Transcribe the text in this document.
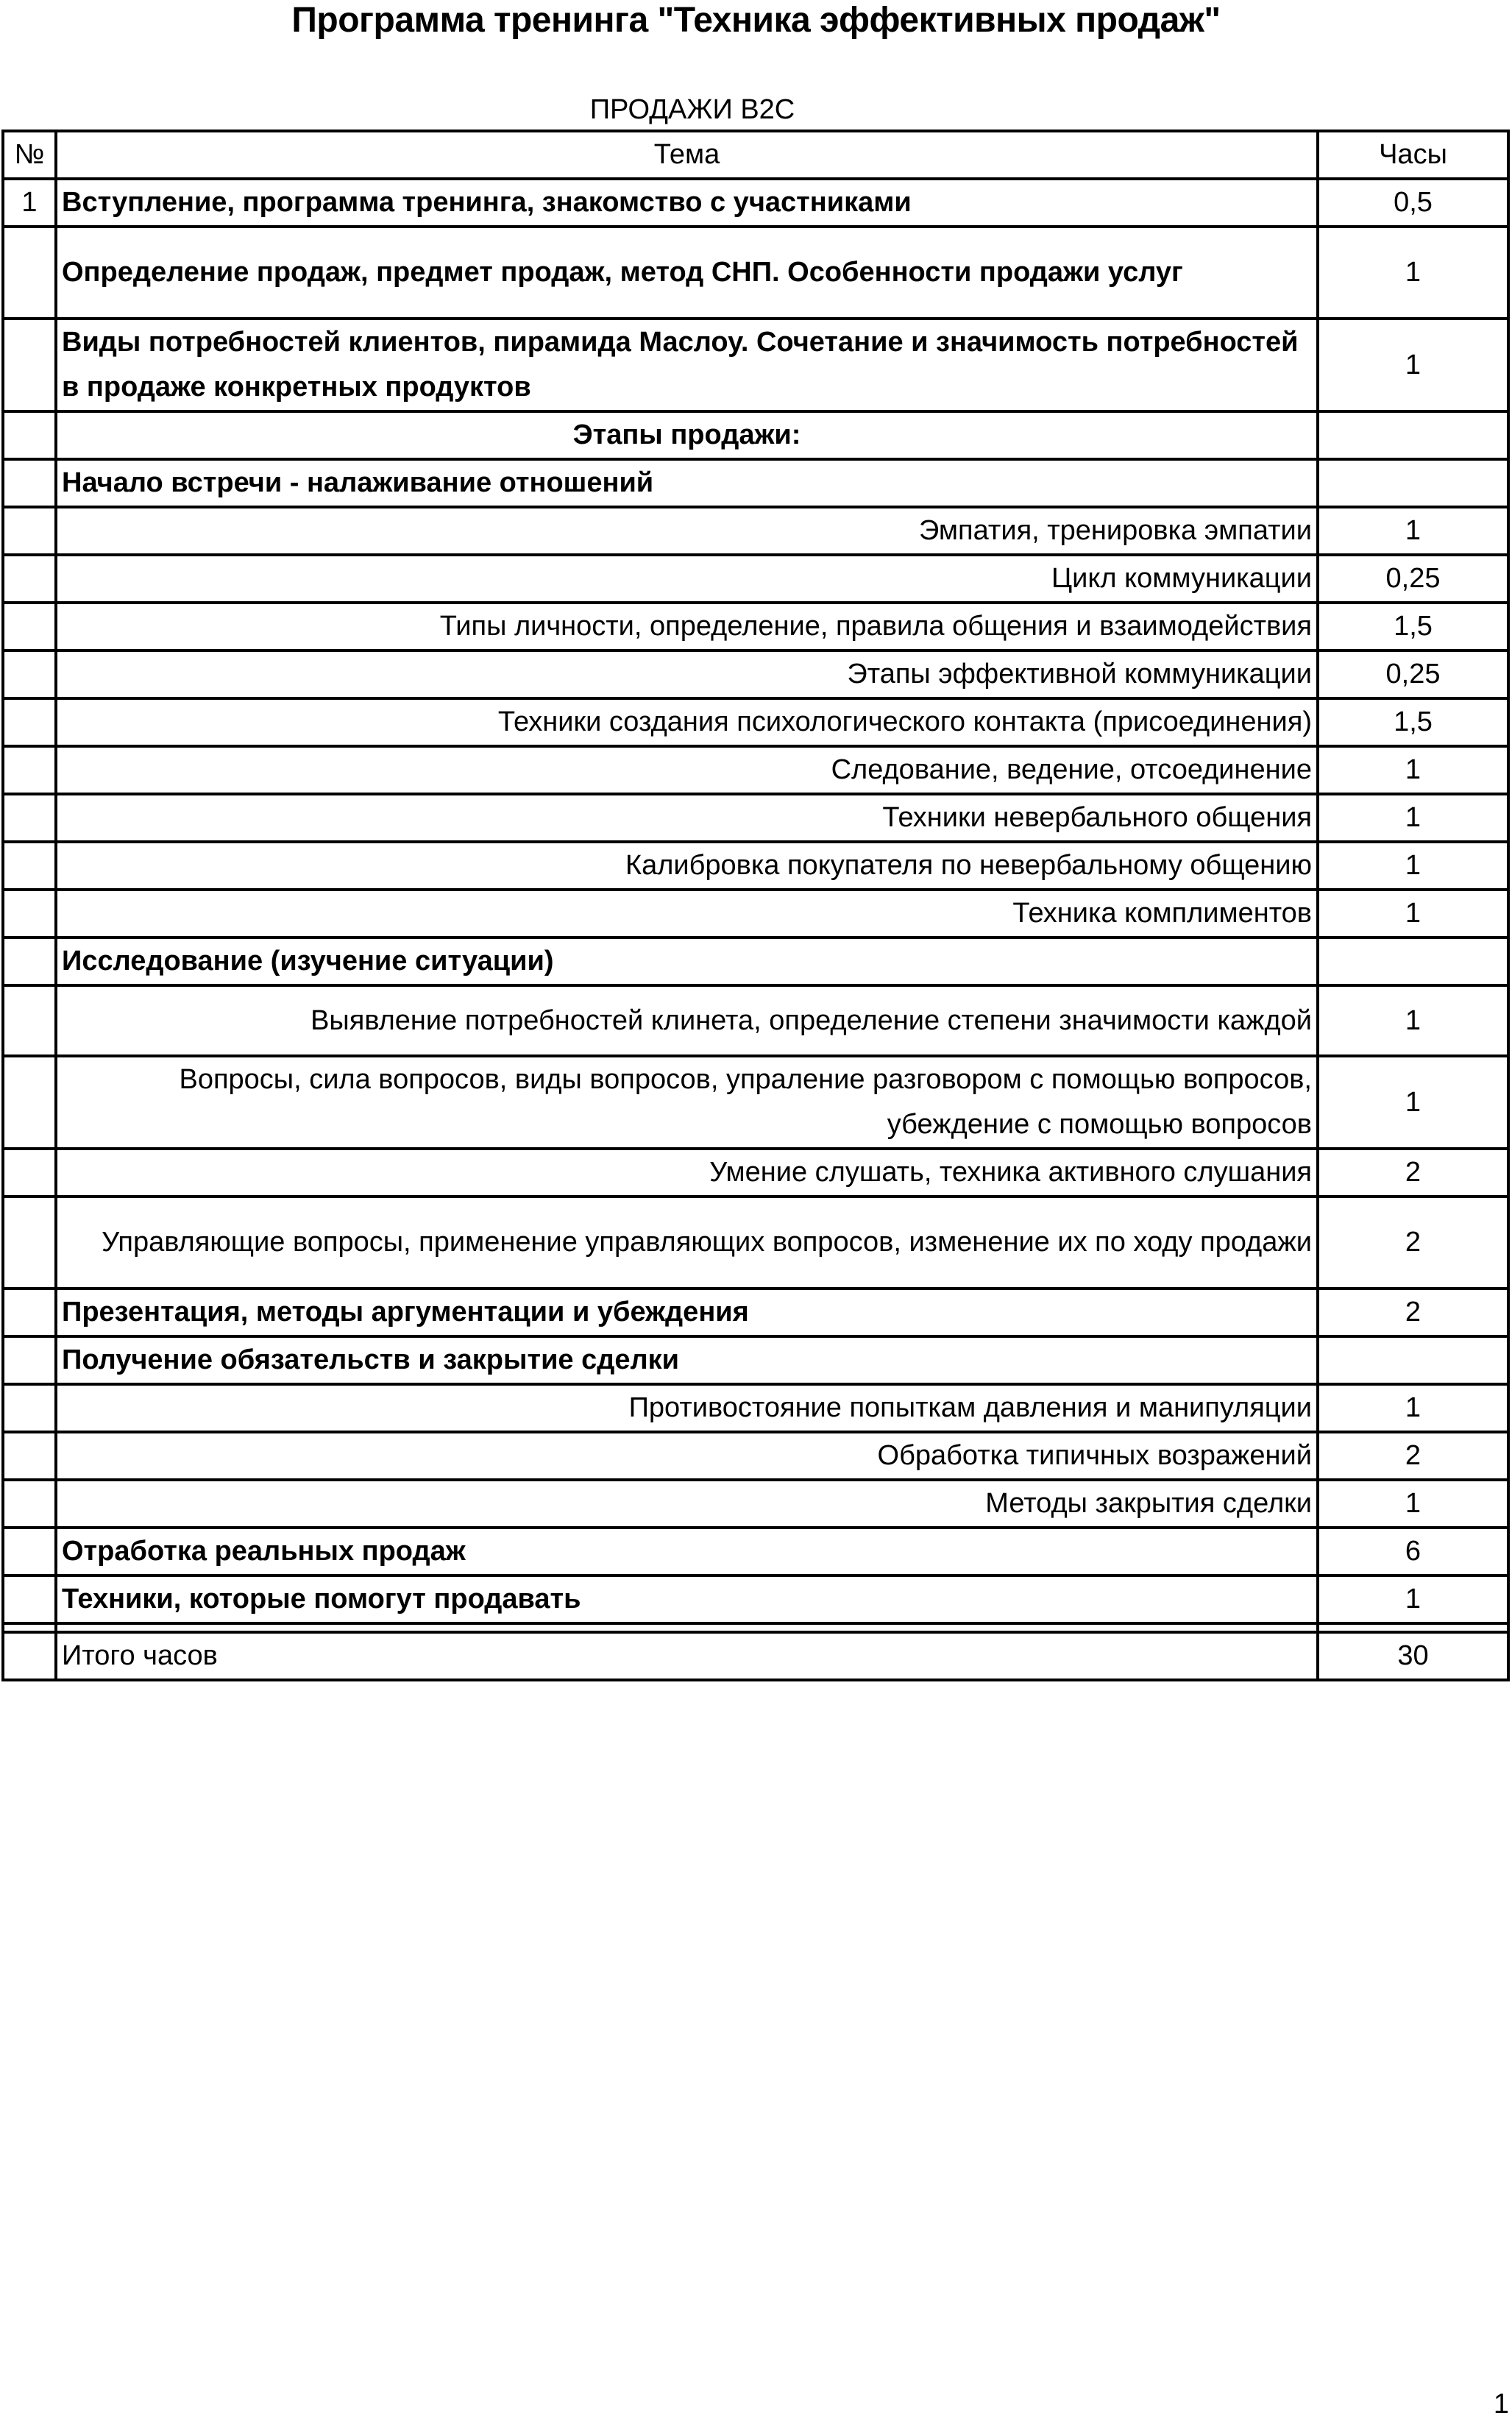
Программа тренинга "Техника эффективных продаж"
ПРОДАЖИ B2C
№	Тема	Часы
1	Вступление, программа тренинга, знакомство с участниками	0,5
	Определение продаж, предмет продаж, метод СНП. Особенности продажи услуг	1
	Виды потребностей клиентов, пирамида Маслоу. Сочетание и значимость потребностей в продаже конкретных продуктов	1
	Этапы продажи:	
	Начало встречи - налаживание отношений	
	Эмпатия, тренировка эмпатии	1
	Цикл коммуникации	0,25
	Типы личности, определение, правила общения и взаимодействия	1,5
	Этапы эффективной коммуникации	0,25
	Техники создания психологического контакта (присоединения)	1,5
	Следование, ведение, отсоединение	1
	Техники невербального общения	1
	Калибровка покупателя по невербальному общению	1
	Техника комплиментов	1
	Исследование (изучение ситуации)	
	Выявление потребностей клинета, определение степени значимости каждой	1
	Вопросы, сила вопросов, виды вопросов, упраление разговором с помощью вопросов, убеждение с помощью вопросов	1
	Умение слушать, техника активного слушания	2
	Управляющие вопросы, применение управляющих вопросов, изменение их по ходу продажи	2
	Презентация, методы аргументации и убеждения	2
	Получение обязательств и закрытие сделки	
	Противостояние попыткам давления и манипуляции	1
	Обработка типичных возражений	2
	Методы закрытия сделки	1
	Отработка реальных продаж	6
	Техники, которые помогут продавать	1

	Итого часов	30
1
